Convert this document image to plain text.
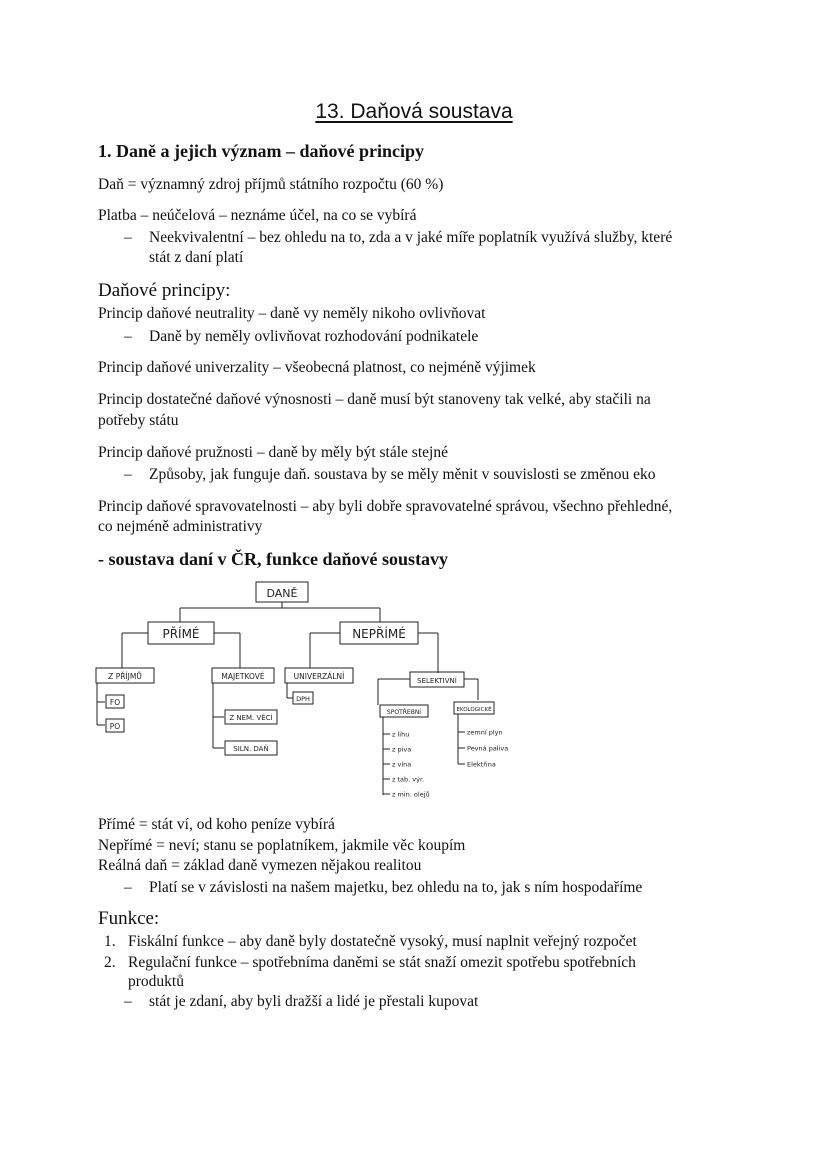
13. Daňová soustava
1. Daně a jejich význam – daňové principy
Daň = významný zdroj příjmů státního rozpočtu (60 %)
Platba – neúčelová – neznáme účel, na co se vybírá
– Neekvivalentní – bez ohledu na to, zda a v jaké míře poplatník využívá služby, které
stát z daní platí
Daňové principy:
Princip daňové neutrality – daně vy neměly nikoho ovlivňovat
– Daně by neměly ovlivňovat rozhodování podnikatele
Princip daňové univerzality – všeobecná platnost, co nejméně výjimek
Princip dostatečné daňové výnosnosti – daně musí být stanoveny tak velké, aby stačili na
potřeby státu
Princip daňové pružnosti – daně by měly být stále stejné
– Způsoby, jak funguje daň. soustava by se měly měnit v souvislosti se změnou eko
Princip daňové spravovatelnosti – aby byli dobře spravovatelné správou, všechno přehledné,
co nejméně administrativy
- soustava daní v ČR, funkce daňové soustavy
DANĚ
PŘÍMÉ	NEPŘÍMÉ
Z PŘÍJMŮ
FO
PO
MAJETKOVÉ
Z NEM. VĚCÍ
SILN. DAŇ
UNIVERZÁLNÍ
DPH
SELEKTIVNÍ
SPOTŘEBNÍ	EKOLOGICKÉ
z lihu
z piva
z vína
z tab. výr.
z min. olejů
zemní plyn
Pevná paliva
Elektřina
Přímé = stát ví, od koho peníze vybírá
Nepřímé = neví; stanu se poplatníkem, jakmile věc koupím
Reálná daň = základ daně vymezen nějakou realitou
– Platí se v závislosti na našem majetku, bez ohledu na to, jak s ním hospodaříme
Funkce:
1. Fiskální funkce – aby daně byly dostatečně vysoký, musí naplnit veřejný rozpočet
2. Regulační funkce – spotřebníma daněmi se stát snaží omezit spotřebu spotřebních
produktů
– stát je zdaní, aby byli dražší a lidé je přestali kupovat
